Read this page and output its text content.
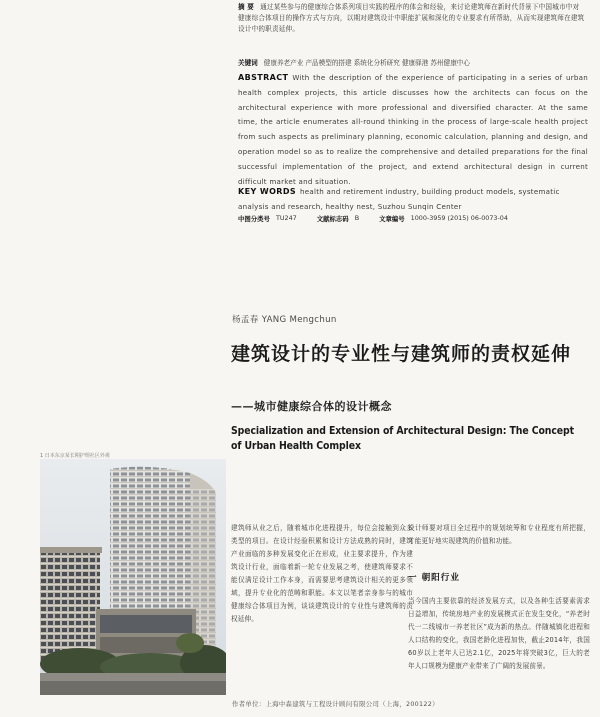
摘 要 通过某些参与的健康综合体系列项目实践的程序的体会和经验，来讨论建筑师在新时代背景下中国城市中对健康综合体项目的操作方式与方向，以期对建筑设计中职能扩展和深化的专业要求有所帮助，从而实现建筑师在建筑设计中的职责延伸。
关键词 健康养老产业 产品模型的搭建 系统化分析研究 健康驿港 苏州健康中心
ABSTRACT With the description of the experience of participating in a series of urban health complex projects, this article discusses how the architects can focus on the architectural experience with more professional and diversified character. At the same time, the article enumerates all-round thinking in the process of large-scale health project from such aspects as preliminary planning, economic calculation, planning and design, and operation model so as to realize the comprehensive and detailed preparations for the final successful implementation of the project, and extend architectural design in current difficult market and situation.
KEY WORDS health and retirement industry, building product models, systematic analysis and research, healthy nest, Suzhou Sunqin Center
中图分类号 TU247	文献标志码 B	文章编号 1000-3959 (2015) 06-0073-04
杨孟春 YANG Mengchun
建筑设计的专业性与建筑师的责权延伸
——城市健康综合体的设计概念
Specialization and Extension of Architectural Design: The Concept of Urban Health Complex
1 日本东京某长期护理社区外观
建筑师从业之后，随着城市化进程提升，每位会接触到众多类型的项目。在设计经验积累和设计方法成熟的同时，建筑产业面临的多种发展变化正在形成，业主要求提升，作为建筑设计行业，面临着新一轮专业发展之考，使建筑师要求不能仅满足设计工作本身，而需要思考建筑设计相关的更多领域，提升专业化的范畴和职能。本文以笔者亲身参与的城市健康综合体项目为例，谈谈建筑设计的专业性与建筑师的责权延伸。
设计师要对项目全过程中的规划统筹和专业程度有所把握，才能更好地实现建筑的价值和功能。
一 朝阳行业
当今国内主要依靠的经济发展方式，以及各种生活要素需求日益增加，传统房地产业的发展模式正在发生变化，“养老时代一二线城市一养老社区”成为新的热点。伴随城镇化进程和人口结构的变化，我国老龄化进程加快，截止2014年，我国60岁以上老年人已达2.1亿，2025年将突破3亿，巨大的老年人口规模为健康产业带来了广阔的发展前景。
作者单位：上海中森建筑与工程设计顾问有限公司（上海，200122）
